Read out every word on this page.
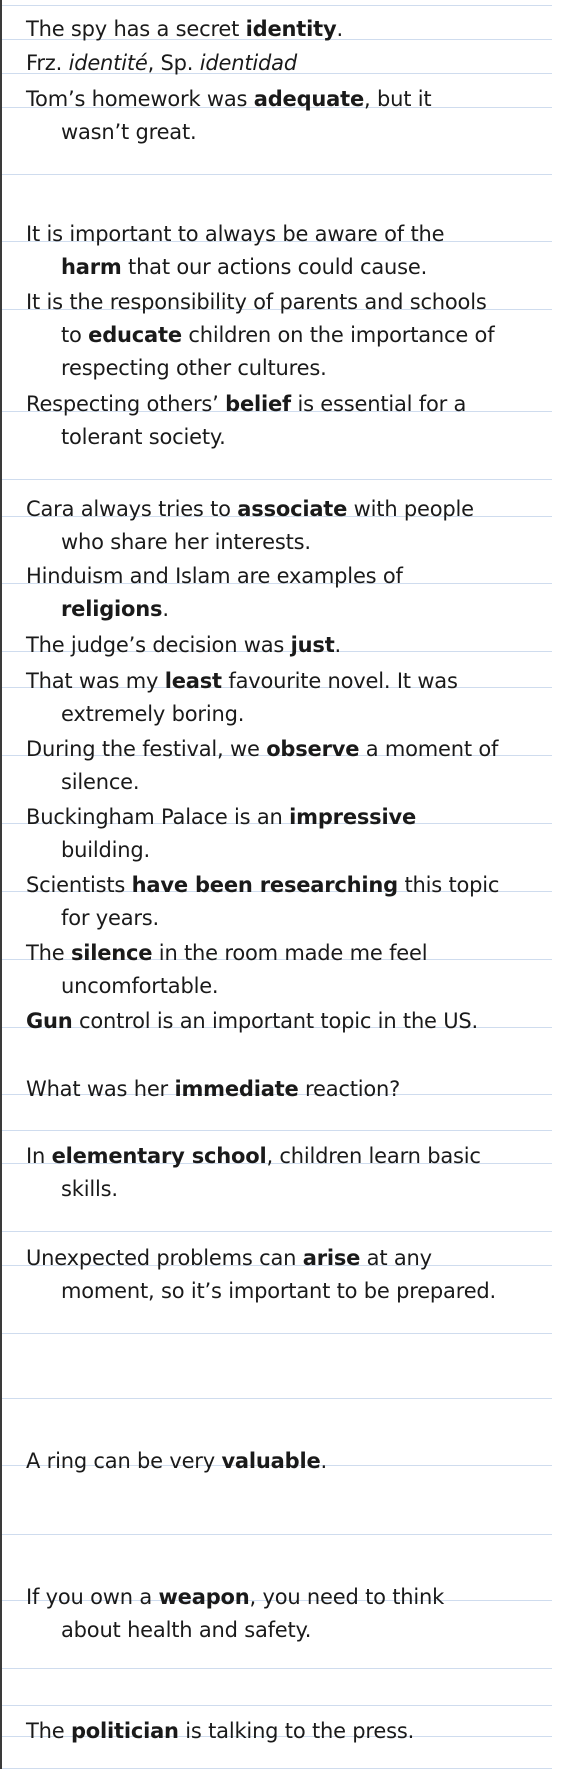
The spy has a secret identity.
Frz. identité, Sp. identidad
Tom’s homework was adequate, but it
wasn’t great.
It is important to always be aware of the
harm that our actions could cause.
It is the responsibility of parents and schools
to educate children on the importance of
respecting other cultures.
Respecting others’ belief is essential for a
tolerant society.
Cara always tries to associate with people
who share her interests.
Hinduism and Islam are examples of
religions.
The judge’s decision was just.
That was my least favourite novel. It was
extremely boring.
During the festival, we observe a moment of
silence.
Buckingham Palace is an impressive
building.
Scientists have been researching this topic
for years.
The silence in the room made me feel
uncomfortable.
Gun control is an important topic in the US.
What was her immediate reaction?
In elementary school, children learn basic
skills.
Unexpected problems can arise at any
moment, so it’s important to be prepared.
A ring can be very valuable.
If you own a weapon, you need to think
about health and safety.
The politician is talking to the press.
